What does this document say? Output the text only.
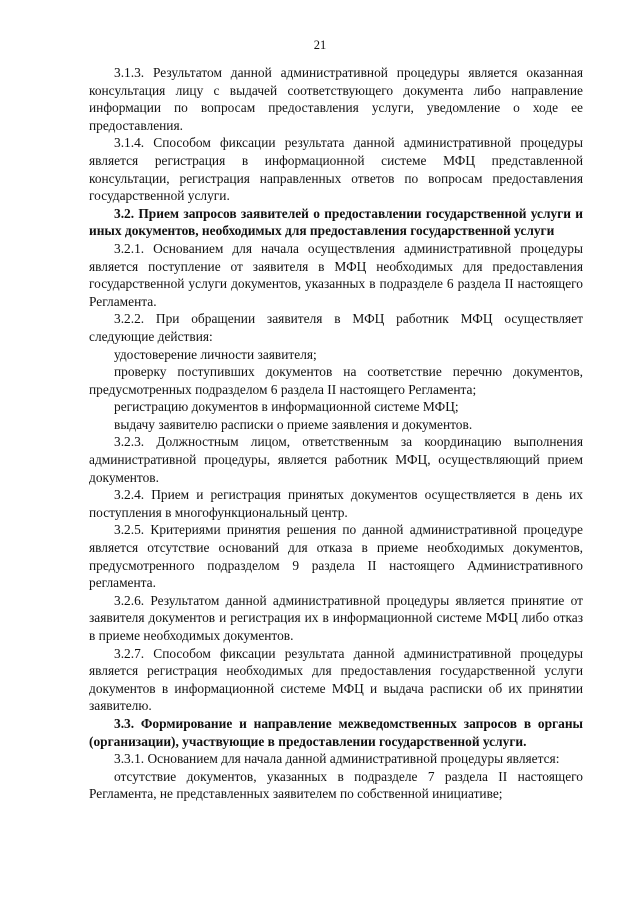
21

3.1.3. Результатом данной административной процедуры является оказанная консультация лицу с выдачей соответствующего документа либо направление информации по вопросам предоставления услуги, уведомление о ходе ее предоставления.

3.1.4. Способом фиксации результата данной административной процедуры является регистрация в информационной системе МФЦ представленной консультации, регистрация направленных ответов по вопросам предоставления государственной услуги.

3.2. Прием запросов заявителей о предоставлении государственной услуги и иных документов, необходимых для предоставления государственной услуги

3.2.1. Основанием для начала осуществления административной процедуры является поступление от заявителя в МФЦ необходимых для предоставления государственной услуги документов, указанных в подразделе 6 раздела II настоящего Регламента.

3.2.2. При обращении заявителя в МФЦ работник МФЦ осуществляет следующие действия:

удостоверение личности заявителя;

проверку поступивших документов на соответствие перечню документов, предусмотренных подразделом 6 раздела II настоящего Регламента;

регистрацию документов в информационной системе МФЦ;

выдачу заявителю расписки о приеме заявления и документов.

3.2.3. Должностным лицом, ответственным за координацию выполнения административной процедуры, является работник МФЦ, осуществляющий прием документов.

3.2.4. Прием и регистрация принятых документов осуществляется в день их поступления в многофункциональный центр.

3.2.5. Критериями принятия решения по данной административной процедуре является отсутствие оснований для отказа в приеме необходимых документов, предусмотренного подразделом 9 раздела II настоящего Административного регламента.

3.2.6. Результатом данной административной процедуры является принятие от заявителя документов и регистрация их в информационной системе МФЦ либо отказ в приеме необходимых документов.

3.2.7. Способом фиксации результата данной административной процедуры является регистрация необходимых для предоставления государственной услуги документов в информационной системе МФЦ и выдача расписки об их принятии заявителю.

3.3. Формирование и направление межведомственных запросов в органы (организации), участвующие в предоставлении государственной услуги.

3.3.1. Основанием для начала данной административной процедуры является:

отсутствие документов, указанных в подразделе 7 раздела II настоящего Регламента, не представленных заявителем по собственной инициативе;
